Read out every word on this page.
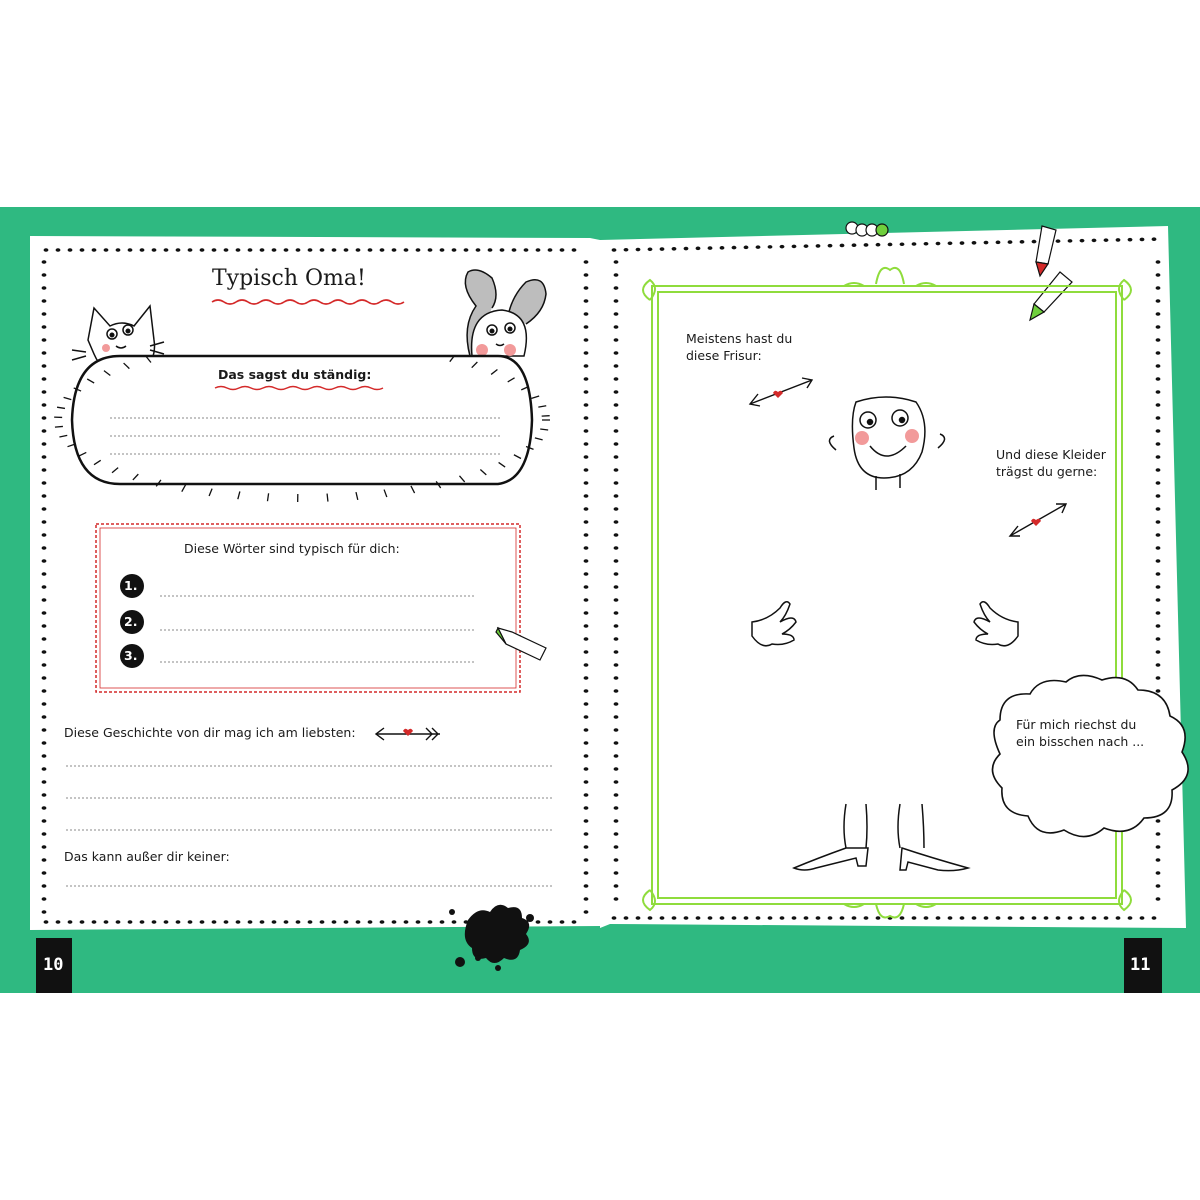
Typisch Oma!
Das sagst du ständig:
Diese Wörter sind typisch für dich:
1.
2.
3.
Diese Geschichte von dir mag ich am liebsten:
Das kann außer dir keiner:
10
Meistens hast du
diese Frisur:
Und diese Kleider
trägst du gerne:
Für mich riechst du
ein bisschen nach ...
11
